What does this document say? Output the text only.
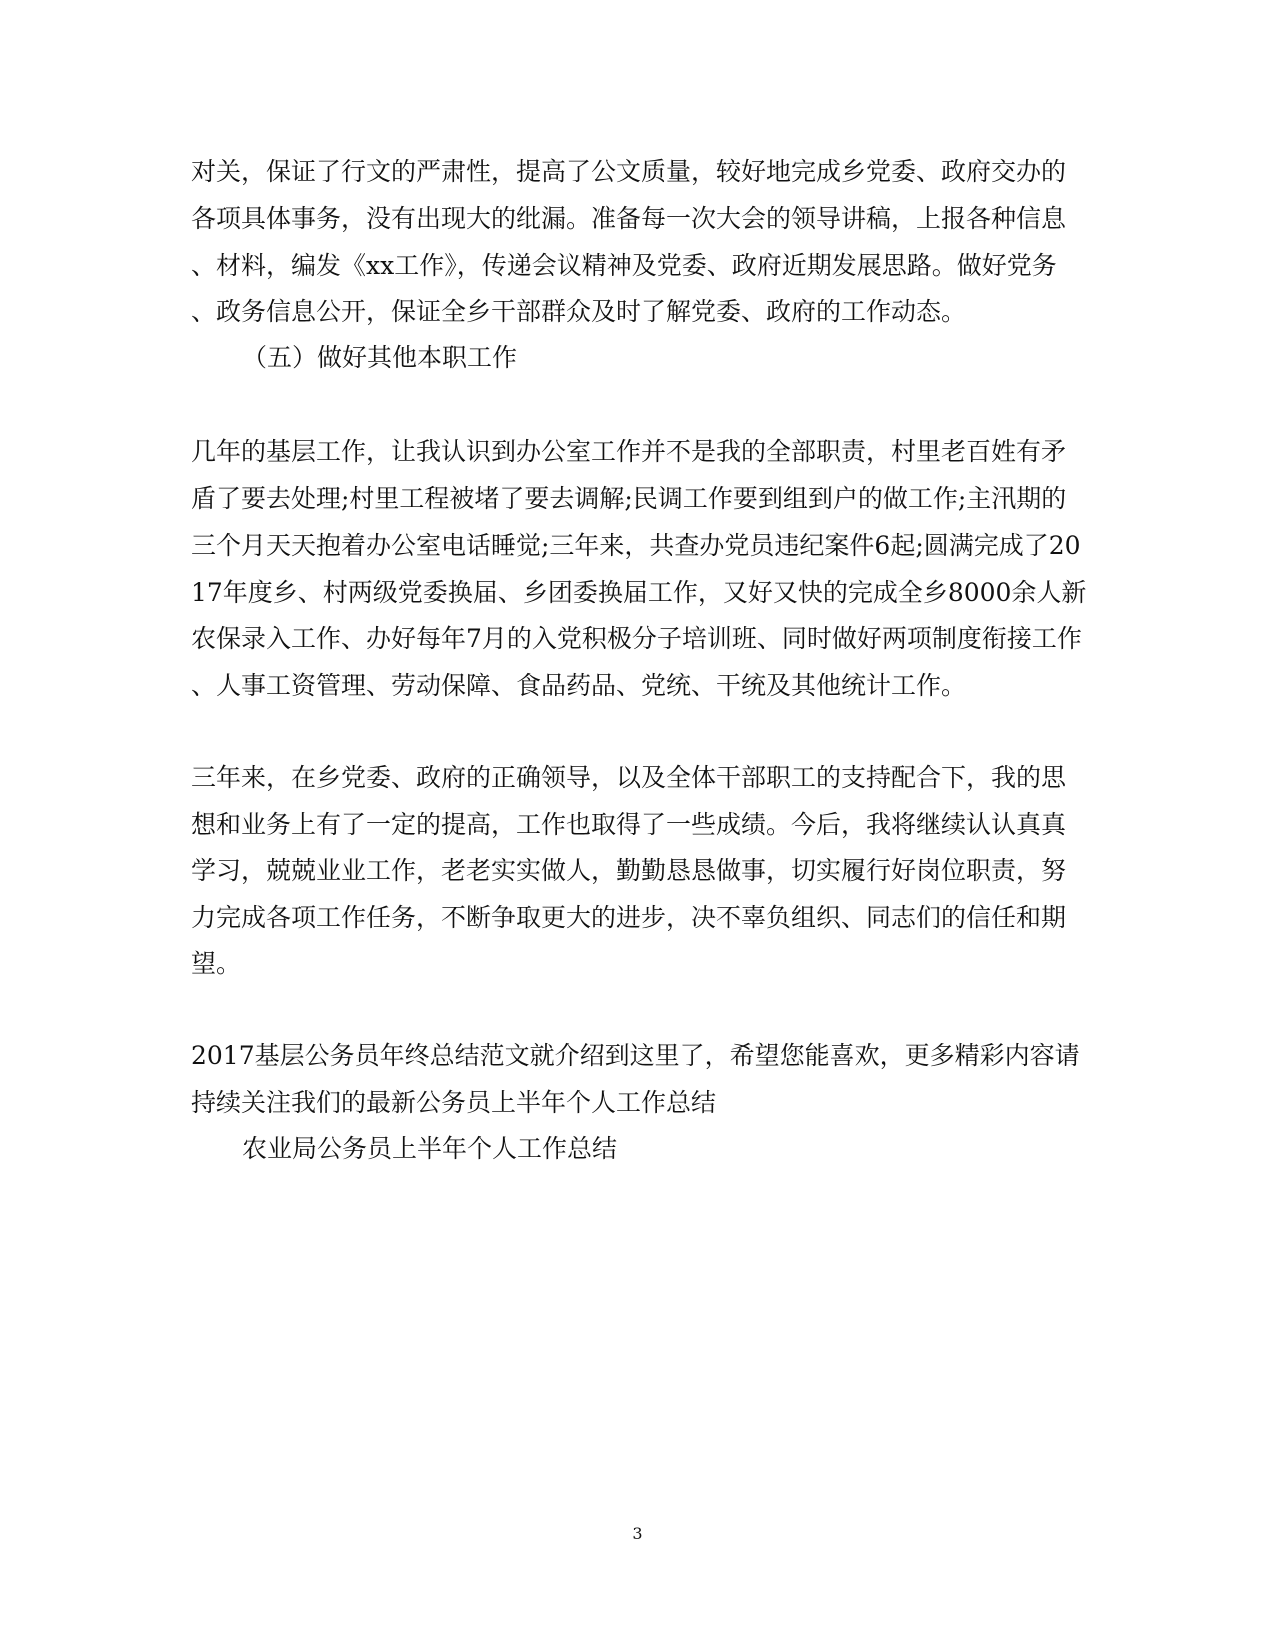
对关，保证了行文的严肃性，提高了公文质量，较好地完成乡党委、政府交办的
各项具体事务，没有出现大的纰漏。准备每一次大会的领导讲稿，上报各种信息
、材料，编发《xx工作》，传递会议精神及党委、政府近期发展思路。做好党务
、政务信息公开，保证全乡干部群众及时了解党委、政府的工作动态。
（五）做好其他本职工作
几年的基层工作，让我认识到办公室工作并不是我的全部职责，村里老百姓有矛
盾了要去处理;村里工程被堵了要去调解;民调工作要到组到户的做工作;主汛期的
三个月天天抱着办公室电话睡觉;三年来，共查办党员违纪案件6起;圆满完成了20
17年度乡、村两级党委换届、乡团委换届工作，又好又快的完成全乡8000余人新
农保录入工作、办好每年7月的入党积极分子培训班、同时做好两项制度衔接工作
、人事工资管理、劳动保障、食品药品、党统、干统及其他统计工作。
三年来，在乡党委、政府的正确领导，以及全体干部职工的支持配合下，我的思
想和业务上有了一定的提高，工作也取得了一些成绩。今后，我将继续认认真真
学习，兢兢业业工作，老老实实做人，勤勤恳恳做事，切实履行好岗位职责，努
力完成各项工作任务，不断争取更大的进步，决不辜负组织、同志们的信任和期
望。
2017基层公务员年终总结范文就介绍到这里了，希望您能喜欢，更多精彩内容请
持续关注我们的最新公务员上半年个人工作总结
农业局公务员上半年个人工作总结
3
